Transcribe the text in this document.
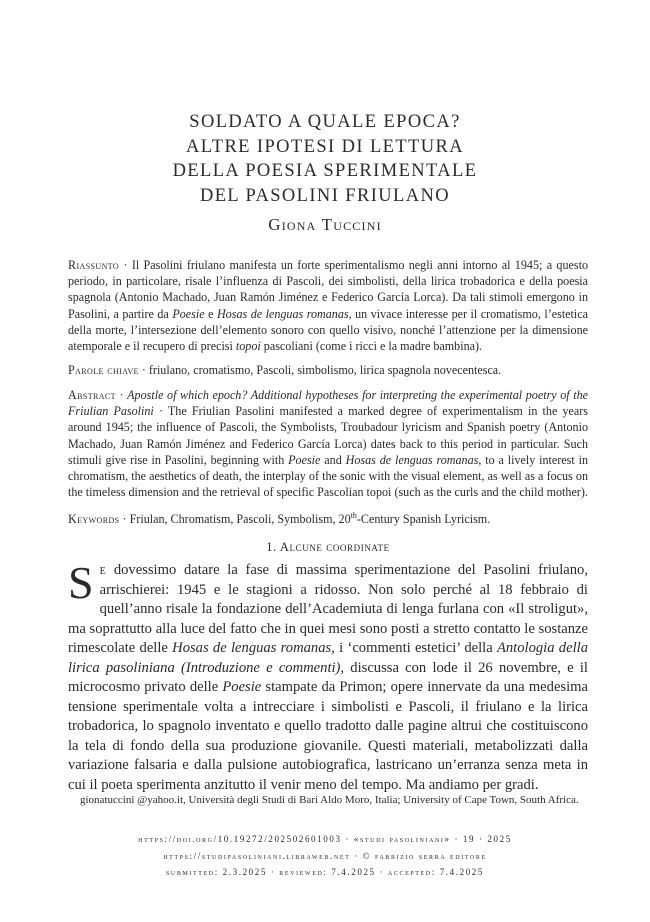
SOLDATO A QUALE EPOCA?
ALTRE IPOTESI DI LETTURA
DELLA POESIA SPERIMENTALE
DEL PASOLINI FRIULANO
Giona Tuccini

Riassunto · Il Pasolini friulano manifesta un forte sperimentalismo negli anni intorno al 1945; a questo periodo, in particolare, risale l’influenza di Pascoli, dei simbolisti, della lirica trobadorica e della poesia spagnola (Antonio Machado, Juan Ramón Jiménez e Federico García Lorca). Da tali stimoli emergono in Pasolini, a partire da Poesie e Hosas de lenguas romanas, un vivace interesse per il cromatismo, l’estetica della morte, l’intersezione dell’elemento sonoro con quello visivo, nonché l’attenzione per la dimensione atemporale e il recupero di precisi topoi pascoliani (come i ricci e la madre bambina).

Parole chiave · friulano, cromatismo, Pascoli, simbolismo, lirica spagnola novecentesca.

Abstract · Apostle of which epoch? Additional hypotheses for interpreting the experimental poetry of the Friulian Pasolini · The Friulian Pasolini manifested a marked degree of experimentalism in the years around 1945; the influence of Pascoli, the Symbolists, Troubadour lyricism and Spanish poetry (Antonio Machado, Juan Ramón Jiménez and Federico García Lorca) dates back to this period in particular. Such stimuli give rise in Pasolini, beginning with Poesie and Hosas de lenguas romanas, to a lively interest in chromatism, the aesthetics of death, the interplay of the sonic with the visual element, as well as a focus on the timeless dimension and the retrieval of specific Pascolian topoi (such as the curls and the child mother).

Keywords · Friulan, Chromatism, Pascoli, Symbolism, 20th-Century Spanish Lyricism.

1. Alcune coordinate

Se dovessimo datare la fase di massima sperimentazione del Pasolini friulano, arrischierei: 1945 e le stagioni a ridosso. Non solo perché al 18 febbraio di quell’anno risale la fondazione dell’Academiuta di lenga furlana con «Il stroligut», ma soprattutto alla luce del fatto che in quei mesi sono posti a stretto contatto le sostanze rimescolate delle Hosas de lenguas romanas, i ‘commenti estetici’ della Antologia della lirica pasoliniana (Introduzione e commenti), discussa con lode il 26 novembre, e il microcosmo privato delle Poesie stampate da Primon; opere innervate da una medesima tensione sperimentale volta a intrecciare i simbolisti e Pascoli, il friulano e la lirica trobadorica, lo spagnolo inventato e quello tradotto dalle pagine altrui che costituiscono la tela di fondo della sua produzione giovanile. Questi materiali, metabolizzati dalla variazione falsaria e dalla pulsione autobiografica, lastricano un’erranza senza meta in cui il poeta sperimenta anzitutto il venir meno del tempo. Ma andiamo per gradi.

gionatuccini @yahoo.it, Università degli Studi di Bari Aldo Moro, Italia; University of Cape Town, South Africa.
https://doi.org/10.19272/202502601003 · «studi pasoliniani» · 19 · 2025
https://studipasoliniani.libraweb.net · © fabrizio serra editore
submitted: 2.3.2025 · reviewed: 7.4.2025 · accepted: 7.4.2025
